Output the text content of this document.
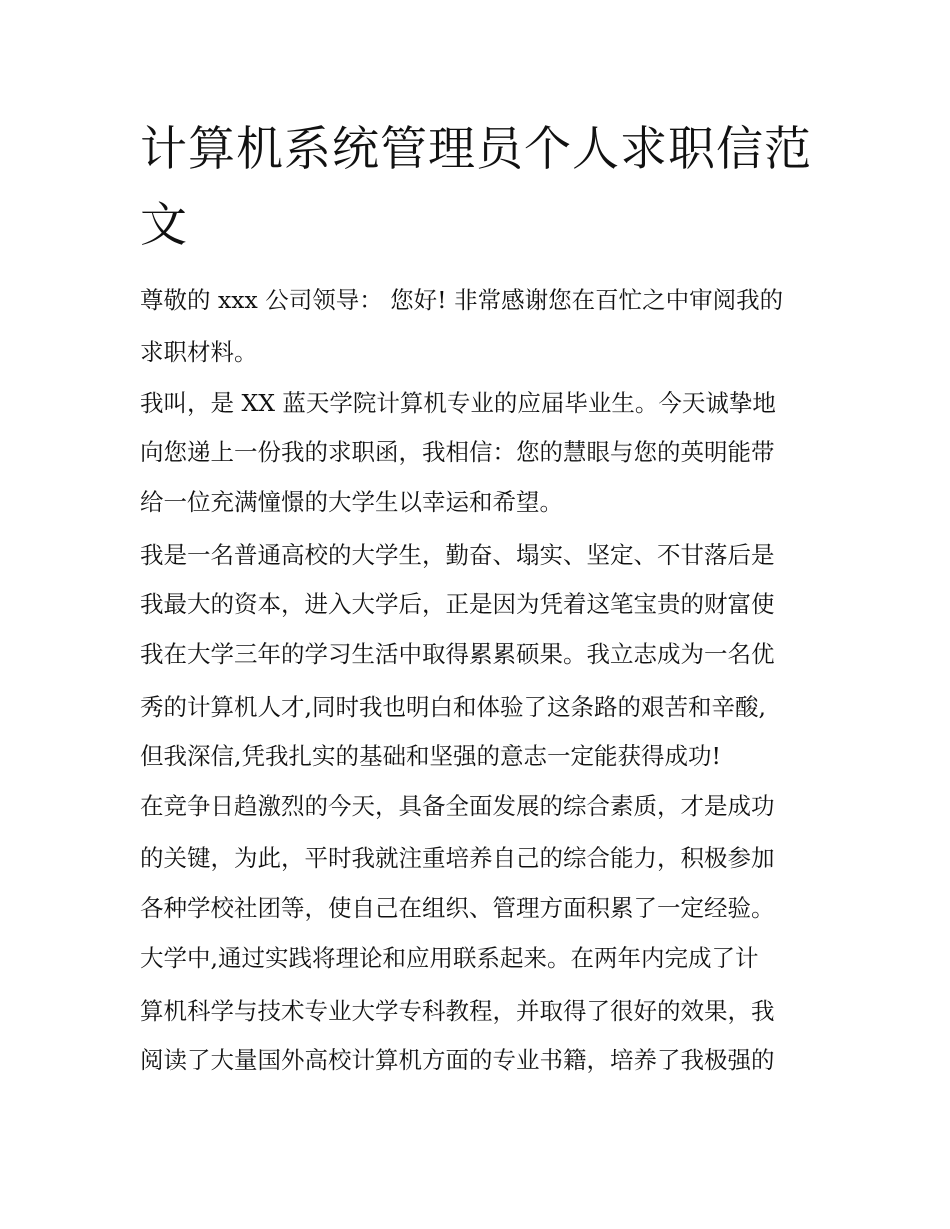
计算机系统管理员个人求职信范文

尊敬的 xxx 公司领导： 您好! 非常感谢您在百忙之中审阅我的

求职材料。

我叫，是 XX 蓝天学院计算机专业的应届毕业生。今天诚挚地

向您递上一份我的求职函，我相信：您的慧眼与您的英明能带

给一位充满憧憬的大学生以幸运和希望。

我是一名普通高校的大学生，勤奋、塌实、坚定、不甘落后是

我最大的资本，进入大学后，正是因为凭着这笔宝贵的财富使

我在大学三年的学习生活中取得累累硕果。我立志成为一名优

秀的计算机人才,同时我也明白和体验了这条路的艰苦和辛酸,

但我深信,凭我扎实的基础和坚强的意志一定能获得成功!

在竞争日趋激烈的今天，具备全面发展的综合素质，才是成功

的关键，为此，平时我就注重培养自己的综合能力，积极参加

各种学校社团等，使自己在组织、管理方面积累了一定经验。

大学中,通过实践将理论和应用联系起来。在两年内完成了计

算机科学与技术专业大学专科教程，并取得了很好的效果，我

阅读了大量国外高校计算机方面的专业书籍，培养了我极强的
